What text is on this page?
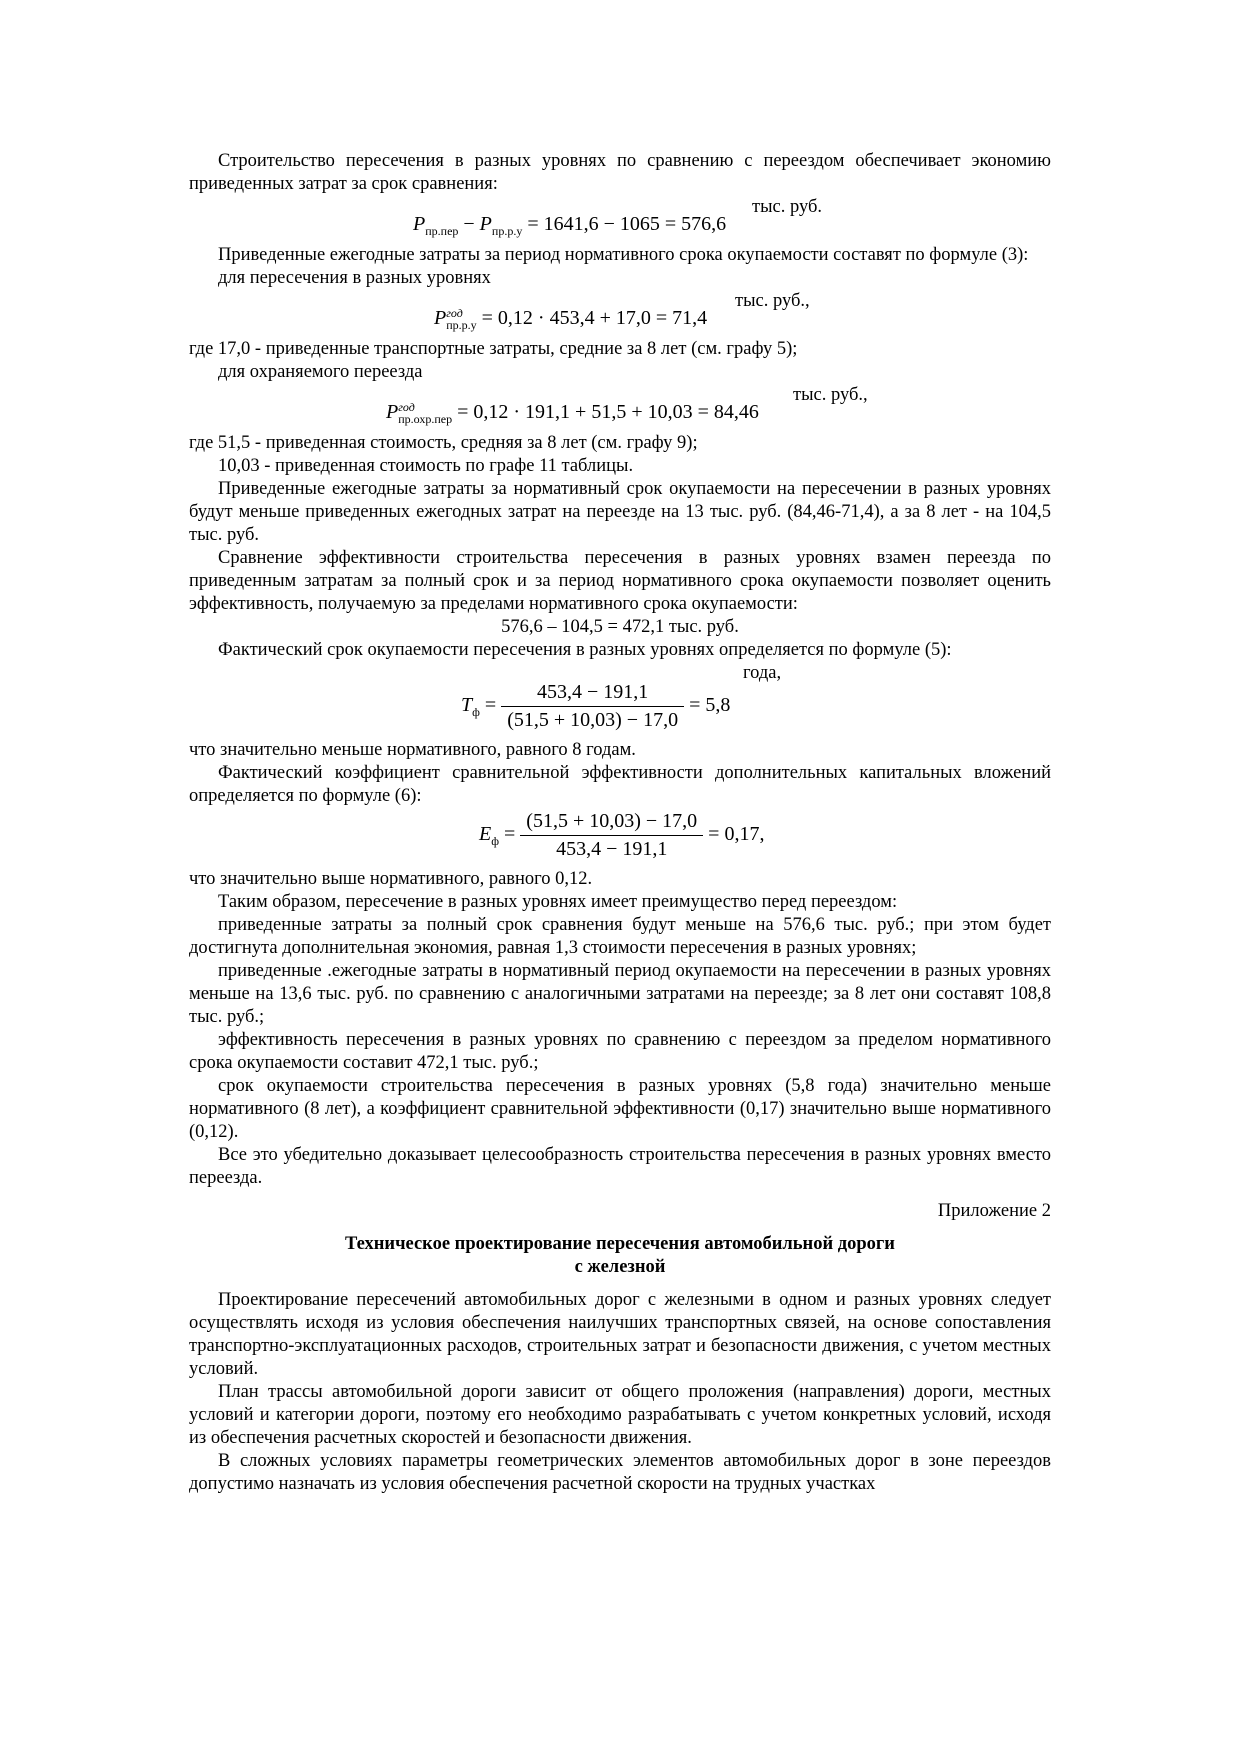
Строительство пересечения в разных уровнях по сравнению с переездом обеспечивает экономию приведенных затрат за срок сравнения:

тыс. руб.
$P_{пр.пер} - P_{пр.р.у} = 1641,6 - 1065 = 576,6$

Приведенные ежегодные затраты за период нормативного срока окупаемости составят по формуле (3):

для пересечения в разных уровнях

тыс. руб.,
P год
пр.р.у = 0,12 · 453,4 + 17,0 = 71,4

где 17,0 - приведенные транспортные затраты, средние за 8 лет (см. графу 5);

для охраняемого переезда

тыс. руб.,
P год
пр.охр.пер = 0,12 · 191,1 + 51,5 + 10,03 = 84,46

где 51,5 - приведенная стоимость, средняя за 8 лет (см. графу 9);

10,03 - приведенная стоимость по графе 11 таблицы.

Приведенные ежегодные затраты за нормативный срок окупаемости на пересечении в разных уровнях будут меньше приведенных ежегодных затрат на переезде на 13 тыс. руб. (84,46-71,4), а за 8 лет - на 104,5 тыс. руб.

Сравнение эффективности строительства пересечения в разных уровнях взамен переезда по приведенным затратам за полный срок и за период нормативного срока окупаемости позволяет оценить эффективность, получаемую за пределами нормативного срока окупаемости:

576,6 – 104,5 = 472,1 тыс. руб.

Фактический срок окупаемости пересечения в разных уровнях определяется по формуле (5):

года,
$T_ф = \frac{453,4 - 191,1}{(51,5 + 10,03) - 17,0} = 5,8$

что значительно меньше нормативного, равного 8 годам.

Фактический коэффициент сравнительной эффективности дополнительных капитальных вложений определяется по формуле (6):

$E_ф = \frac{(51,5 + 10,03) - 17,0}{453,4 - 191,1} = 0,17$,

что значительно выше нормативного, равного 0,12.

Таким образом, пересечение в разных уровнях имеет преимущество перед переездом:

приведенные затраты за полный срок сравнения будут меньше на 576,6 тыс. руб.; при этом будет достигнута дополнительная экономия, равная 1,3 стоимости пересечения в разных уровнях;

приведенные .ежегодные затраты в нормативный период окупаемости на пересечении в разных уровнях меньше на 13,6 тыс. руб. по сравнению с аналогичными затратами на переезде; за 8 лет они составят 108,8 тыс. руб.;

эффективность пересечения в разных уровнях по сравнению с переездом за пределом нормативного срока окупаемости составит 472,1 тыс. руб.;

срок окупаемости строительства пересечения в разных уровнях (5,8 года) значительно меньше нормативного (8 лет), а коэффициент сравнительной эффективности (0,17) значительно выше нормативного (0,12).

Все это убедительно доказывает целесообразность строительства пересечения в разных уровнях вместо переезда.

Приложение 2

Техническое проектирование пересечения автомобильной дороги

с железной

Проектирование пересечений автомобильных дорог с железными в одном и разных уровнях следует осуществлять исходя из условия обеспечения наилучших транспортных связей, на основе сопоставления транспортно-эксплуатационных расходов, строительных затрат и безопасности движения, с учетом местных условий.

План трассы автомобильной дороги зависит от общего проложения (направления) дороги, местных условий и категории дороги, поэтому его необходимо разрабатывать с учетом конкретных условий, исходя из обеспечения расчетных скоростей и безопасности движения.

В сложных условиях параметры геометрических элементов автомобильных дорог в зоне переездов допустимо назначать из условия обеспечения расчетной скорости на трудных участках
